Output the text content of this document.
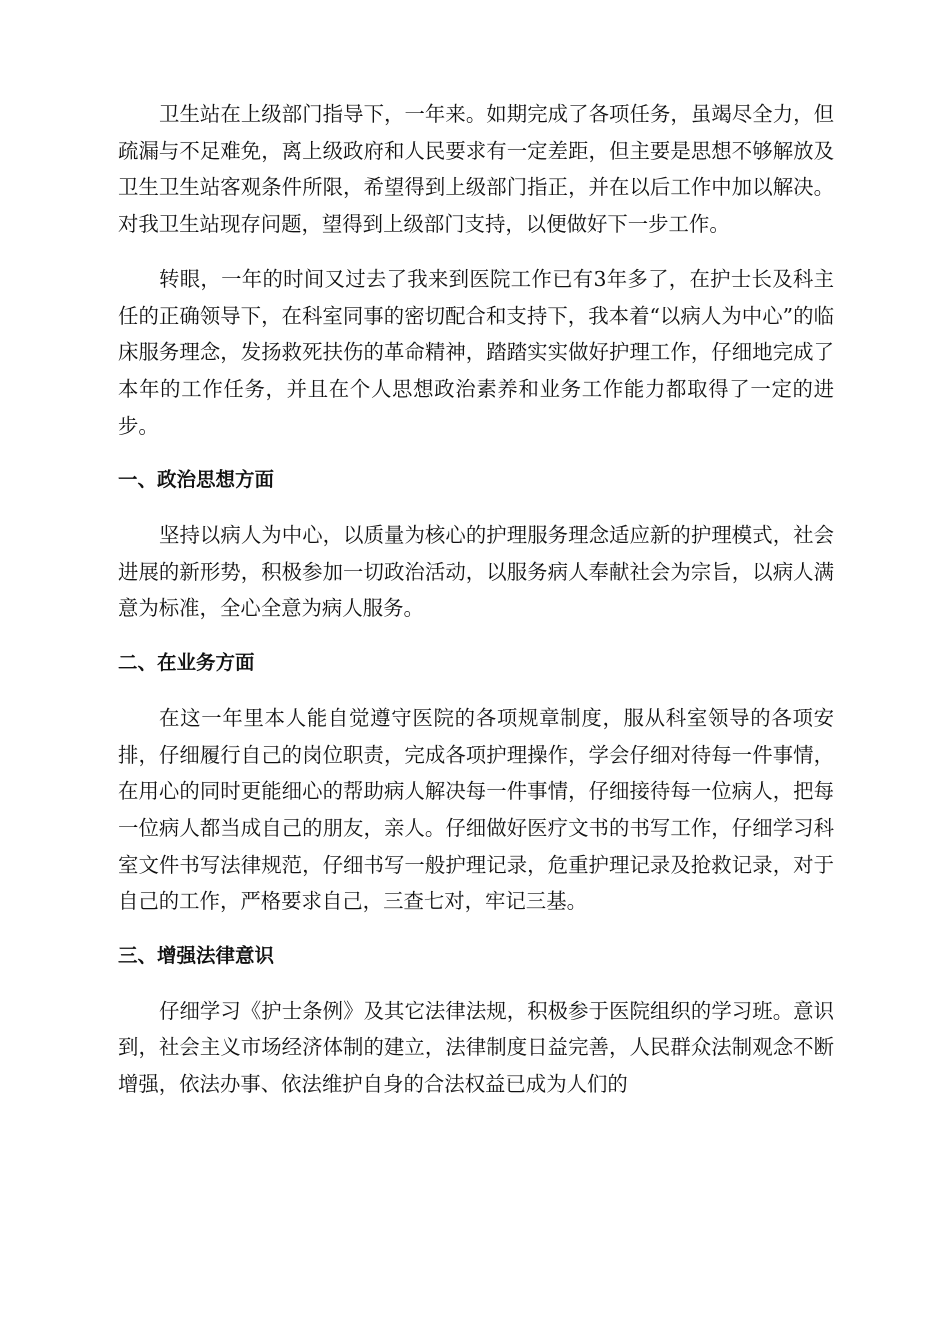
卫生站在上级部门指导下，一年来。如期完成了各项任务，虽竭尽全力，但疏漏与不足难免，离上级政府和人民要求有一定差距，但主要是思想不够解放及卫生卫生站客观条件所限，希望得到上级部门指正，并在以后工作中加以解决。对我卫生站现存问题，望得到上级部门支持，以便做好下一步工作。

转眼，一年的时间又过去了我来到医院工作已有3年多了，在护士长及科主任的正确领导下，在科室同事的密切配合和支持下，我本着“以病人为中心”的临床服务理念，发扬救死扶伤的革命精神，踏踏实实做好护理工作，仔细地完成了本年的工作任务，并且在个人思想政治素养和业务工作能力都取得了一定的进步。

一、政治思想方面

坚持以病人为中心，以质量为核心的护理服务理念适应新的护理模式，社会进展的新形势，积极参加一切政治活动，以服务病人奉献社会为宗旨，以病人满意为标准，全心全意为病人服务。

二、在业务方面

在这一年里本人能自觉遵守医院的各项规章制度，服从科室领导的各项安排，仔细履行自己的岗位职责，完成各项护理操作，学会仔细对待每一件事情，在用心的同时更能细心的帮助病人解决每一件事情，仔细接待每一位病人，把每一位病人都当成自己的朋友，亲人。仔细做好医疗文书的书写工作，仔细学习科室文件书写法律规范，仔细书写一般护理记录，危重护理记录及抢救记录，对于自己的工作，严格要求自己，三查七对，牢记三基。

三、增强法律意识

仔细学习《护士条例》及其它法律法规，积极参于医院组织的学习班。意识到，社会主义市场经济体制的建立，法律制度日益完善，人民群众法制观念不断增强，依法办事、依法维护自身的合法权益已成为人们的
